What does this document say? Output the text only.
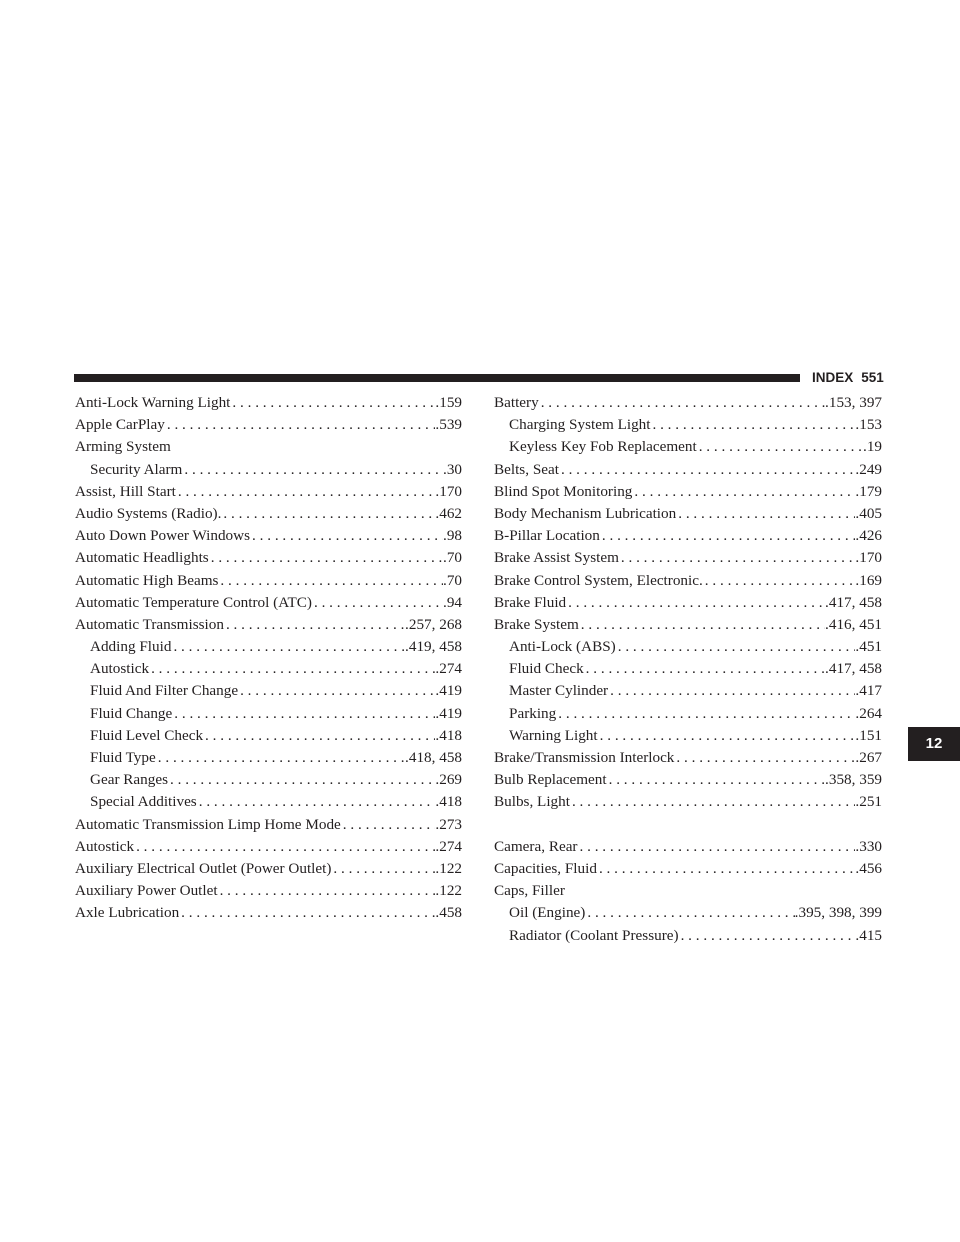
INDEX 551
12
Anti-Lock Warning Light . . .	.159
Apple CarPlay . . .	.539
Arming System
Security Alarm . . .	.30
Assist, Hill Start . . .	.170
Audio Systems (Radio). . . .	.462
Auto Down Power Windows . . .	.98
Automatic Headlights . . .	.70
Automatic High Beams . . .	.70
Automatic Temperature Control (ATC) . . .	.94
Automatic Transmission . . .	.257, 268
Adding Fluid . . .	.419, 458
Autostick . . .	.274
Fluid And Filter Change . . .	.419
Fluid Change . . .	.419
Fluid Level Check . . .	.418
Fluid Type . . .	.418, 458
Gear Ranges . . .	.269
Special Additives . . .	.418
Automatic Transmission Limp Home Mode . . .	.273
Autostick . . .	.274
Auxiliary Electrical Outlet (Power Outlet) . . .	.122
Auxiliary Power Outlet . . .	.122
Axle Lubrication . . .	.458
Battery . . .	.153, 397
Charging System Light . . .	.153
Keyless Key Fob Replacement . . .	.19
Belts, Seat . . .	.249
Blind Spot Monitoring . . .	.179
Body Mechanism Lubrication . . .	.405
B-Pillar Location . . .	.426
Brake Assist System . . .	.170
Brake Control System, Electronic. . . .	.169
Brake Fluid . . .	.417, 458
Brake System . . .	.416, 451
Anti-Lock (ABS) . . .	.451
Fluid Check . . .	.417, 458
Master Cylinder . . .	.417
Parking . . .	.264
Warning Light . . .	.151
Brake/Transmission Interlock . . .	.267
Bulb Replacement . . .	.358, 359
Bulbs, Light . . .	.251
Camera, Rear . . .	.330
Capacities, Fluid . . .	.456
Caps, Filler
Oil (Engine) . . .	.395, 398, 399
Radiator (Coolant Pressure) . . .	.415
